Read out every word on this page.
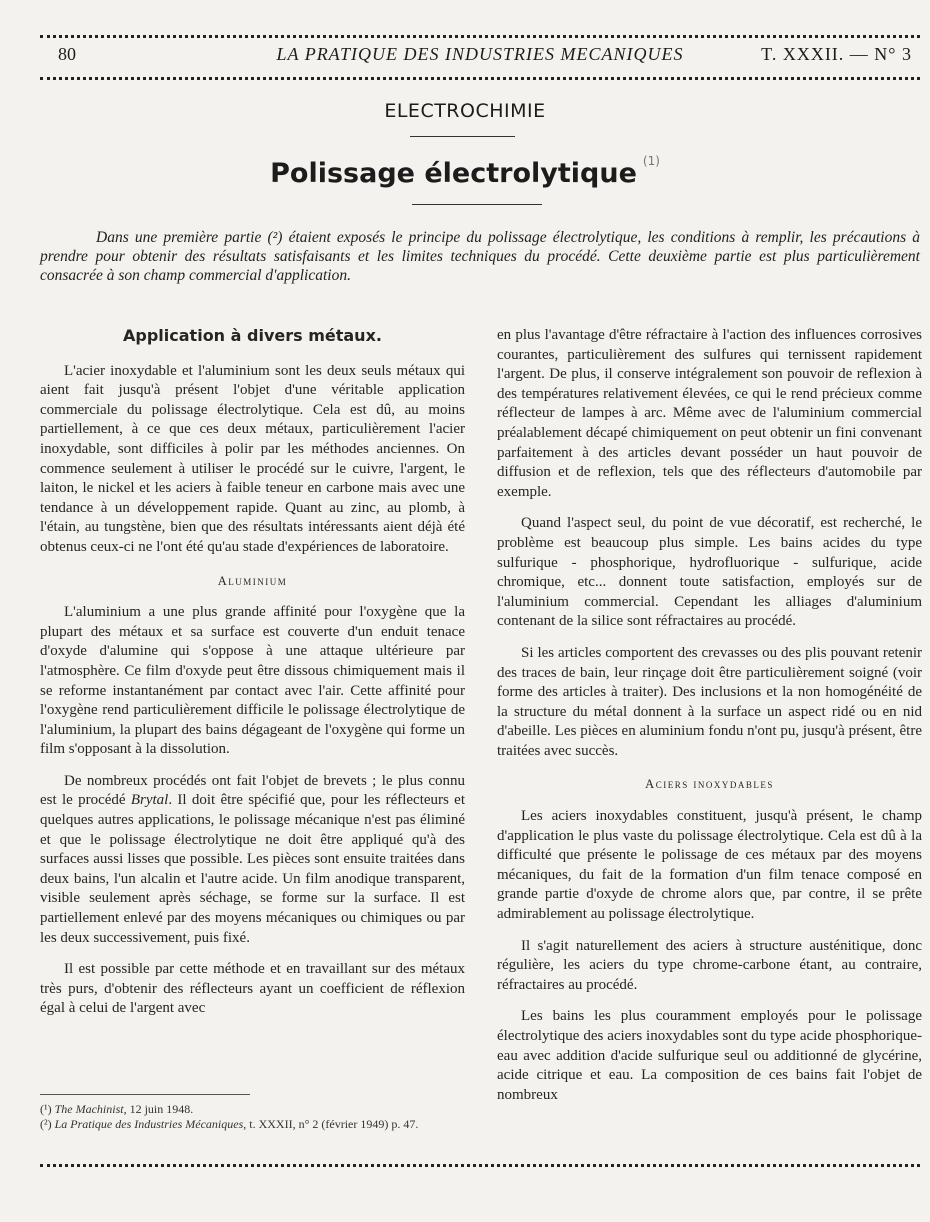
80	LA PRATIQUE DES INDUSTRIES MECANIQUES	T. XXXII. — N° 3
ELECTROCHIMIE
Polissage électrolytique $^{(1)}$
Dans une première partie (²) étaient exposés le principe du polissage électrolytique, les conditions à remplir, les précautions à prendre pour obtenir des résultats satisfaisants et les limites techniques du procédé. Cette deuxième partie est plus particulièrement consacrée à son champ commercial d'application.
Application à divers métaux.

L'acier inoxydable et l'aluminium sont les deux seuls métaux qui aient fait jusqu'à présent l'objet d'une véritable application commerciale du polissage électrolytique. Cela est dû, au moins partiellement, à ce que ces deux métaux, particulièrement l'acier inoxydable, sont difficiles à polir par les méthodes anciennes. On commence seulement à utiliser le procédé sur le cuivre, l'argent, le laiton, le nickel et les aciers à faible teneur en carbone mais avec une tendance à un développement rapide. Quant au zinc, au plomb, à l'étain, au tungstène, bien que des résultats intéressants aient déjà été obtenus ceux-ci ne l'ont été qu'au stade d'expériences de laboratoire.

Aluminium

L'aluminium a une plus grande affinité pour l'oxygène que la plupart des métaux et sa surface est couverte d'un enduit tenace d'oxyde d'alumine qui s'oppose à une attaque ultérieure par l'atmosphère. Ce film d'oxyde peut être dissous chimiquement mais il se reforme instantanément par contact avec l'air. Cette affinité pour l'oxygène rend particulièrement difficile le polissage électrolytique de l'aluminium, la plupart des bains dégageant de l'oxygène qui forme un film s'opposant à la dissolution.

De nombreux procédés ont fait l'objet de brevets ; le plus connu est le procédé Brytal. Il doit être spécifié que, pour les réflecteurs et quelques autres applications, le polissage mécanique n'est pas éliminé et que le polissage électrolytique ne doit être appliqué qu'à des surfaces aussi lisses que possible. Les pièces sont ensuite traitées dans deux bains, l'un alcalin et l'autre acide. Un film anodique transparent, visible seulement après séchage, se forme sur la surface. Il est partiellement enlevé par des moyens mécaniques ou chimiques ou par les deux successivement, puis fixé.

Il est possible par cette méthode et en travaillant sur des métaux très purs, d'obtenir des réflecteurs ayant un coefficient de réflexion égal à celui de l'argent avec

(¹) The Machinist, 12 juin 1948.
(²) La Pratique des Industries Mécaniques, t. XXXII, n° 2 (février 1949) p. 47.

en plus l'avantage d'être réfractaire à l'action des influences corrosives courantes, particulièrement des sulfures qui ternissent rapidement l'argent. De plus, il conserve intégralement son pouvoir de reflexion à des températures relativement élevées, ce qui le rend précieux comme réflecteur de lampes à arc. Même avec de l'aluminium commercial préalablement décapé chimiquement on peut obtenir un fini convenant parfaitement à des articles devant posséder un haut pouvoir de diffusion et de reflexion, tels que des réflecteurs d'automobile par exemple.

Quand l'aspect seul, du point de vue décoratif, est recherché, le problème est beaucoup plus simple. Les bains acides du type sulfurique - phosphorique, hydrofluorique - sulfurique, acide chromique, etc... donnent toute satisfaction, employés sur de l'aluminium commercial. Cependant les alliages d'aluminium contenant de la silice sont réfractaires au procédé.

Si les articles comportent des crevasses ou des plis pouvant retenir des traces de bain, leur rinçage doit être particulièrement soigné (voir forme des articles à traiter). Des inclusions et la non homogénéité de la structure du métal donnent à la surface un aspect ridé ou en nid d'abeille. Les pièces en aluminium fondu n'ont pu, jusqu'à présent, être traitées avec succès.

Aciers inoxydables

Les aciers inoxydables constituent, jusqu'à présent, le champ d'application le plus vaste du polissage électrolytique. Cela est dû à la difficulté que présente le polissage de ces métaux par des moyens mécaniques, du fait de la formation d'un film tenace composé en grande partie d'oxyde de chrome alors que, par contre, il se prête admirablement au polissage électrolytique.

Il s'agit naturellement des aciers à structure austénitique, donc régulière, les aciers du type chrome-carbone étant, au contraire, réfractaires au procédé.

Les bains les plus couramment employés pour le polissage électrolytique des aciers inoxydables sont du type acide phosphorique-eau avec addition d'acide sulfurique seul ou additionné de glycérine, acide citrique et eau. La composition de ces bains fait l'objet de nombreux
